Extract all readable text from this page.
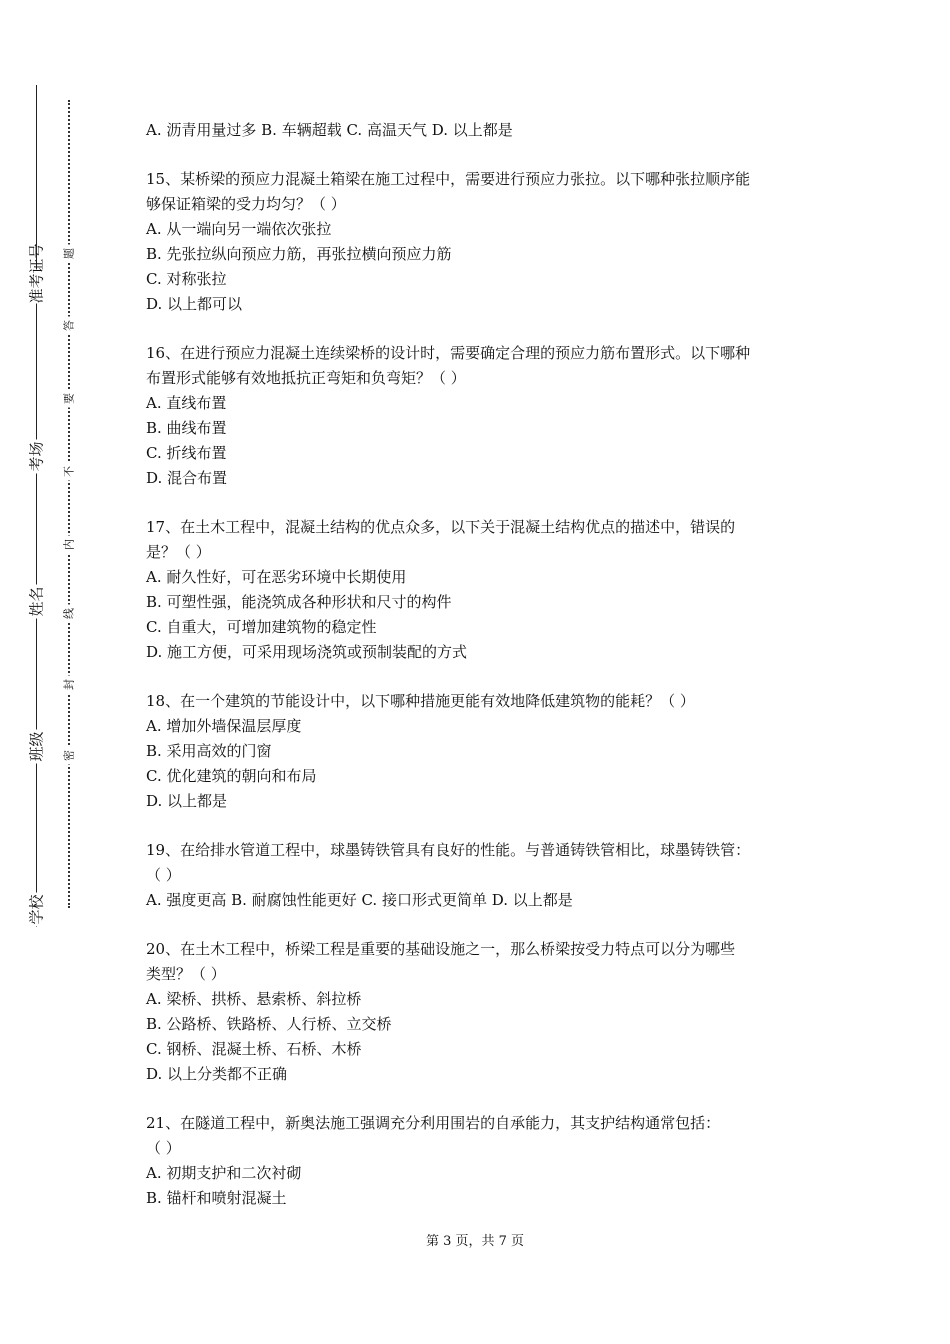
准考证号
考场
姓名
班级
学校
题
答
要
不
内
线
封
密
A. 沥青用量过多 B. 车辆超载 C. 高温天气 D. 以上都是
15、某桥梁的预应力混凝土箱梁在施工过程中，需要进行预应力张拉。以下哪种张拉顺序能
够保证箱梁的受力均匀？（ ）
A. 从一端向另一端依次张拉
B. 先张拉纵向预应力筋，再张拉横向预应力筋
C. 对称张拉
D. 以上都可以
16、在进行预应力混凝土连续梁桥的设计时，需要确定合理的预应力筋布置形式。以下哪种
布置形式能够有效地抵抗正弯矩和负弯矩？（ ）
A. 直线布置
B. 曲线布置
C. 折线布置
D. 混合布置
17、在土木工程中，混凝土结构的优点众多，以下关于混凝土结构优点的描述中，错误的
是？（ ）
A. 耐久性好，可在恶劣环境中长期使用
B. 可塑性强，能浇筑成各种形状和尺寸的构件
C. 自重大，可增加建筑物的稳定性
D. 施工方便，可采用现场浇筑或预制装配的方式
18、在一个建筑的节能设计中，以下哪种措施更能有效地降低建筑物的能耗？（ ）
A. 增加外墙保温层厚度
B. 采用高效的门窗
C. 优化建筑的朝向和布局
D. 以上都是
19、在给排水管道工程中，球墨铸铁管具有良好的性能。与普通铸铁管相比，球墨铸铁管：
（ ）
A. 强度更高 B. 耐腐蚀性能更好 C. 接口形式更简单 D. 以上都是
20、在土木工程中，桥梁工程是重要的基础设施之一，那么桥梁按受力特点可以分为哪些
类型？（ ）
A. 梁桥、拱桥、悬索桥、斜拉桥
B. 公路桥、铁路桥、人行桥、立交桥
C. 钢桥、混凝土桥、石桥、木桥
D. 以上分类都不正确
21、在隧道工程中，新奥法施工强调充分利用围岩的自承能力，其支护结构通常包括：
（ ）
A. 初期支护和二次衬砌
B. 锚杆和喷射混凝土
第 3 页，共 7 页
